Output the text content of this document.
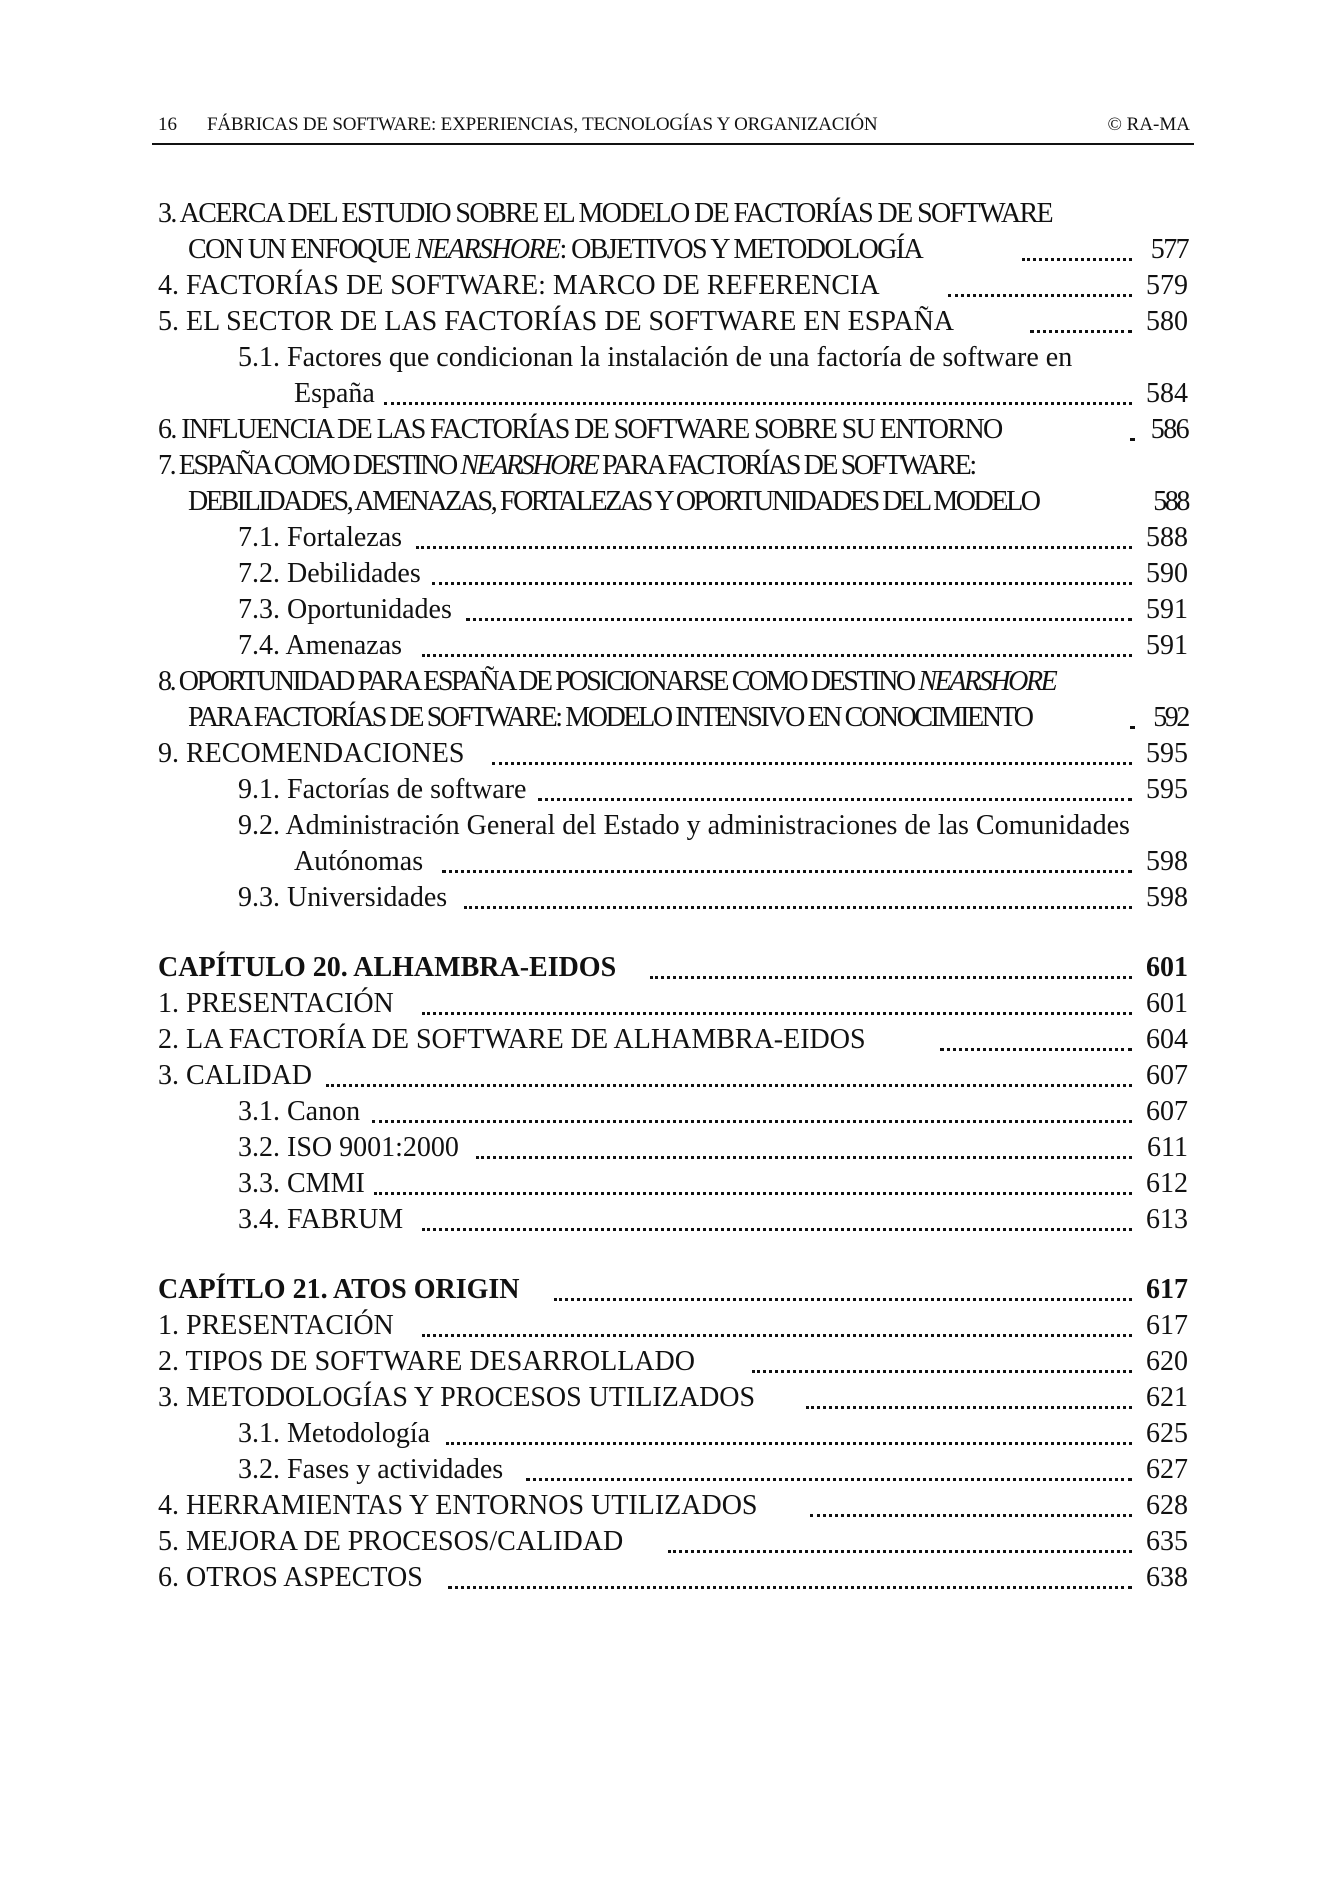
16 FÁBRICAS DE SOFTWARE: EXPERIENCIAS, TECNOLOGÍAS Y ORGANIZACIÓN	© RA-MA
3. ACERCA DEL ESTUDIO SOBRE EL MODELO DE FACTORÍAS DE SOFTWARE
CON UN ENFOQUE NEARSHORE: OBJETIVOS Y METODOLOGÍA	577
4. FACTORÍAS DE SOFTWARE: MARCO DE REFERENCIA	579
5. EL SECTOR DE LAS FACTORÍAS DE SOFTWARE EN ESPAÑA	580
5.1. Factores que condicionan la instalación de una factoría de software en
España	584
6. INFLUENCIA DE LAS FACTORÍAS DE SOFTWARE SOBRE SU ENTORNO	586
7. ESPAÑA COMO DESTINO NEARSHORE PARA FACTORÍAS DE SOFTWARE:
DEBILIDADES, AMENAZAS, FORTALEZAS Y OPORTUNIDADES DEL MODELO	588
7.1. Fortalezas	588
7.2. Debilidades	590
7.3. Oportunidades	591
7.4. Amenazas	591
8. OPORTUNIDAD PARA ESPAÑA DE POSICIONARSE COMO DESTINO NEARSHORE
PARA FACTORÍAS DE SOFTWARE: MODELO INTENSIVO EN CONOCIMIENTO	592
9. RECOMENDACIONES	595
9.1. Factorías de software	595
9.2. Administración General del Estado y administraciones de las Comunidades
Autónomas	598
9.3. Universidades	598
CAPÍTULO 20. ALHAMBRA-EIDOS	601
1. PRESENTACIÓN	601
2. LA FACTORÍA DE SOFTWARE DE ALHAMBRA-EIDOS	604
3. CALIDAD	607
3.1. Canon	607
3.2. ISO 9001:2000	611
3.3. CMMI	612
3.4. FABRUM	613
CAPÍTLO 21. ATOS ORIGIN	617
1. PRESENTACIÓN	617
2. TIPOS DE SOFTWARE DESARROLLADO	620
3. METODOLOGÍAS Y PROCESOS UTILIZADOS	621
3.1. Metodología	625
3.2. Fases y actividades	627
4. HERRAMIENTAS Y ENTORNOS UTILIZADOS	628
5. MEJORA DE PROCESOS/CALIDAD	635
6. OTROS ASPECTOS	638
